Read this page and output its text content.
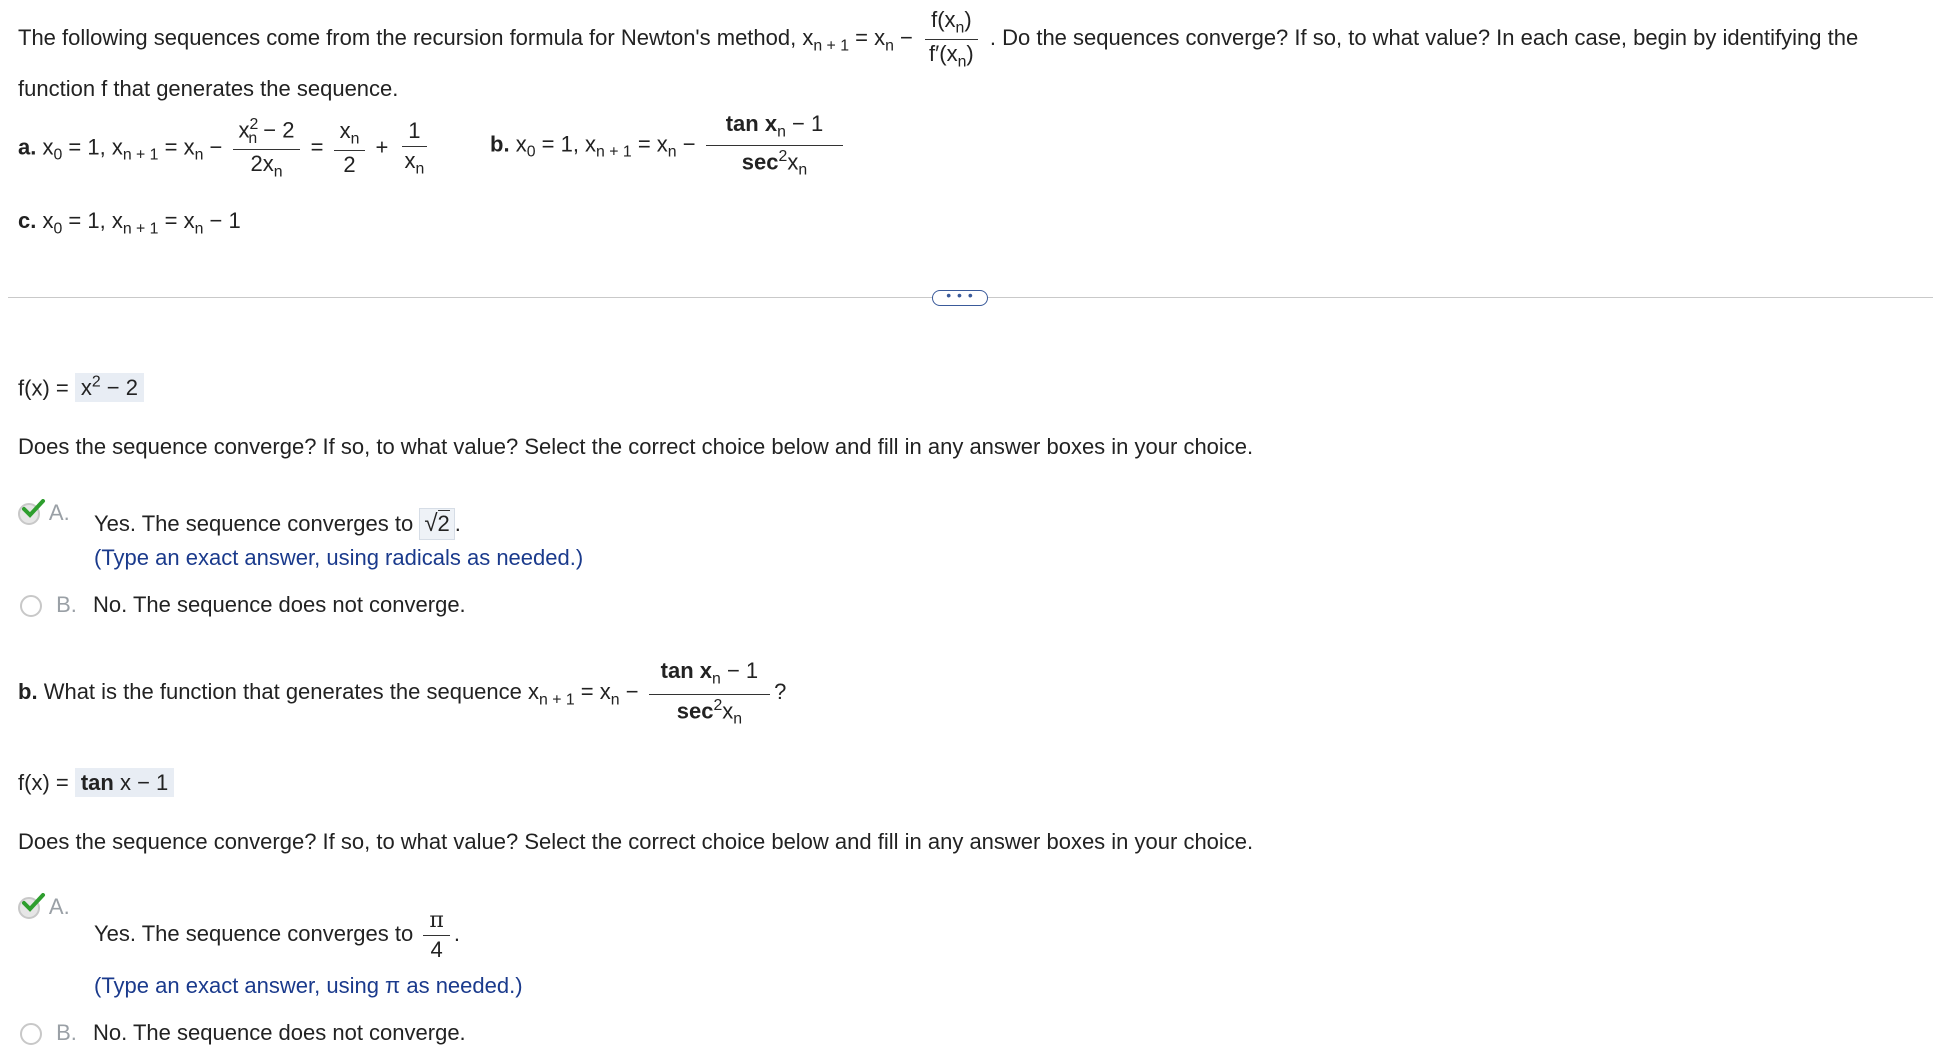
The following sequences come from the recursion formula for Newton's method, $x_{n + 1} = x_n - \frac{f(x_n)}{f'(x_n)}$ . Do the sequences converge? If so, to what value? In each case, begin by identifying the
function f that generates the sequence.
a. $x_0 = 1$, $x_{n + 1} = x_n - \frac{x^2_n - 2}{2x_n} = \frac{x_n}{2} + \frac{1}{x_n}$	b. $x_0 = 1$, $x_{n + 1} = x_n - \frac{\tan x_n - 1}{\sec^2x_n}$
c. $x_0 = 1$, $x_{n + 1} = x_n - 1$
• • •
$f(x) = x^2 - 2$
Does the sequence converge? If so, to what value? Select the correct choice below and fill in any answer boxes in your choice.
A. Yes. The sequence converges to √2 .
(Type an exact answer, using radicals as needed.)
B. No. The sequence does not converge.
b. What is the function that generates the sequence $x_{n + 1} = x_n - \frac{\tan x_n - 1}{\sec^2x_n}$ ?
f(x) = tan x − 1
Does the sequence converge? If so, to what value? Select the correct choice below and fill in any answer boxes in your choice.
A.
Yes. The sequence converges to $\frac{\pi}{4}$ .
(Type an exact answer, using π as needed.)
B. No. The sequence does not converge.
